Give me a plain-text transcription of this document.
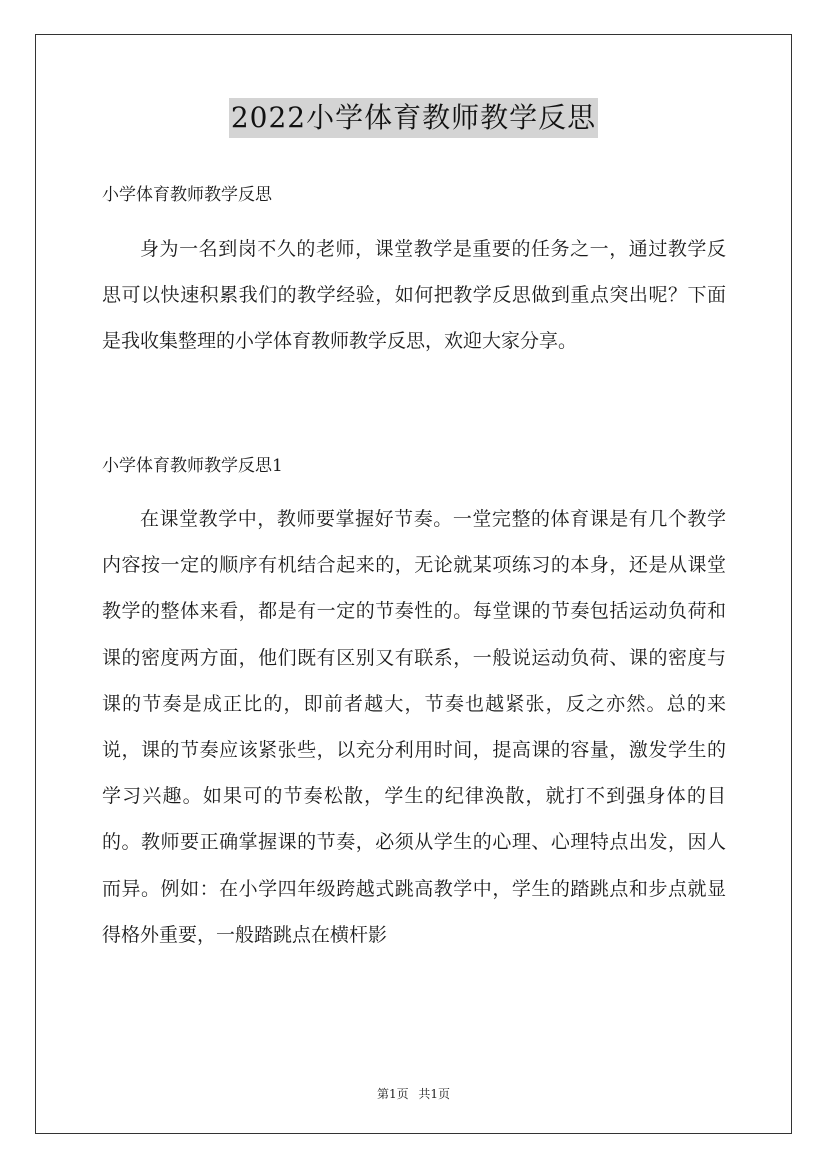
2022小学体育教师教学反思
小学体育教师教学反思

身为一名到岗不久的老师，课堂教学是重要的任务之一，通过教学反思可以快速积累我们的教学经验，如何把教学反思做到重点突出呢？下面是我收集整理的小学体育教师教学反思，欢迎大家分享。

小学体育教师教学反思1

在课堂教学中，教师要掌握好节奏。一堂完整的体育课是有几个教学内容按一定的顺序有机结合起来的，无论就某项练习的本身，还是从课堂教学的整体来看，都是有一定的节奏性的。每堂课的节奏包括运动负荷和课的密度两方面，他们既有区别又有联系，一般说运动负荷、课的密度与课的节奏是成正比的，即前者越大，节奏也越紧张，反之亦然。总的来说，课的节奏应该紧张些，以充分利用时间，提高课的容量，激发学生的学习兴趣。如果可的节奏松散，学生的纪律涣散，就打不到强身体的目的。教师要正确掌握课的节奏，必须从学生的心理、心理特点出发，因人而异。例如：在小学四年级跨越式跳高教学中，学生的踏跳点和步点就显得格外重要，一般踏跳点在横杆影

第1页 共1页
